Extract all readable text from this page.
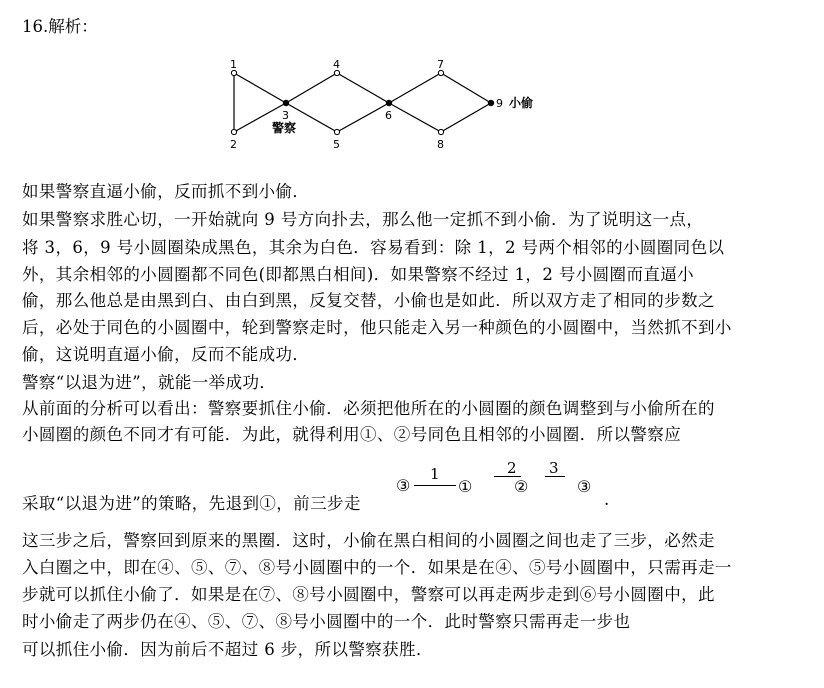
16.解析：
1
2
3
4
5
6
7
8
9
警察
小偷
如果警察直逼小偷，反而抓不到小偷．
如果警察求胜心切，一开始就向 9 号方向扑去，那么他一定抓不到小偷．为了说明这一点，
将 3，6，9 号小圆圈染成黑色，其余为白色．容易看到：除 1，2 号两个相邻的小圆圈同色以
外，其余相邻的小圆圈都不同色(即都黑白相间)．如果警察不经过 1，2 号小圆圈而直逼小
偷，那么他总是由黑到白、由白到黑，反复交替，小偷也是如此．所以双方走了相同的步数之
后，必处于同色的小圆圈中，轮到警察走时，他只能走入另一种颜色的小圆圈中，当然抓不到小
偷，这说明直逼小偷，反而不能成功．
警察“以退为进”，就能一举成功．
从前面的分析可以看出：警察要抓住小偷．必须把他所在的小圆圈的颜色调整到与小偷所在的
小圆圈的颜色不同才有可能．为此，就得利用①、②号同色且相邻的小圆圈．所以警察应
采取“以退为进”的策略，先退到①，前三步走
③
1
①
2
②
3
③
.
这三步之后，警察回到原来的黑圈．这时，小偷在黑白相间的小圆圈之间也走了三步，必然走
入白圈之中，即在④、⑤、⑦、⑧号小圆圈中的一个．如果是在④、⑤号小圆圈中，只需再走一
步就可以抓住小偷了．如果是在⑦、⑧号小圆圈中，警察可以再走两步走到⑥号小圆圈中，此
时小偷走了两步仍在④、⑤、⑦、⑧号小圆圈中的一个．此时警察只需再走一步也
可以抓住小偷．因为前后不超过 6 步，所以警察获胜．
